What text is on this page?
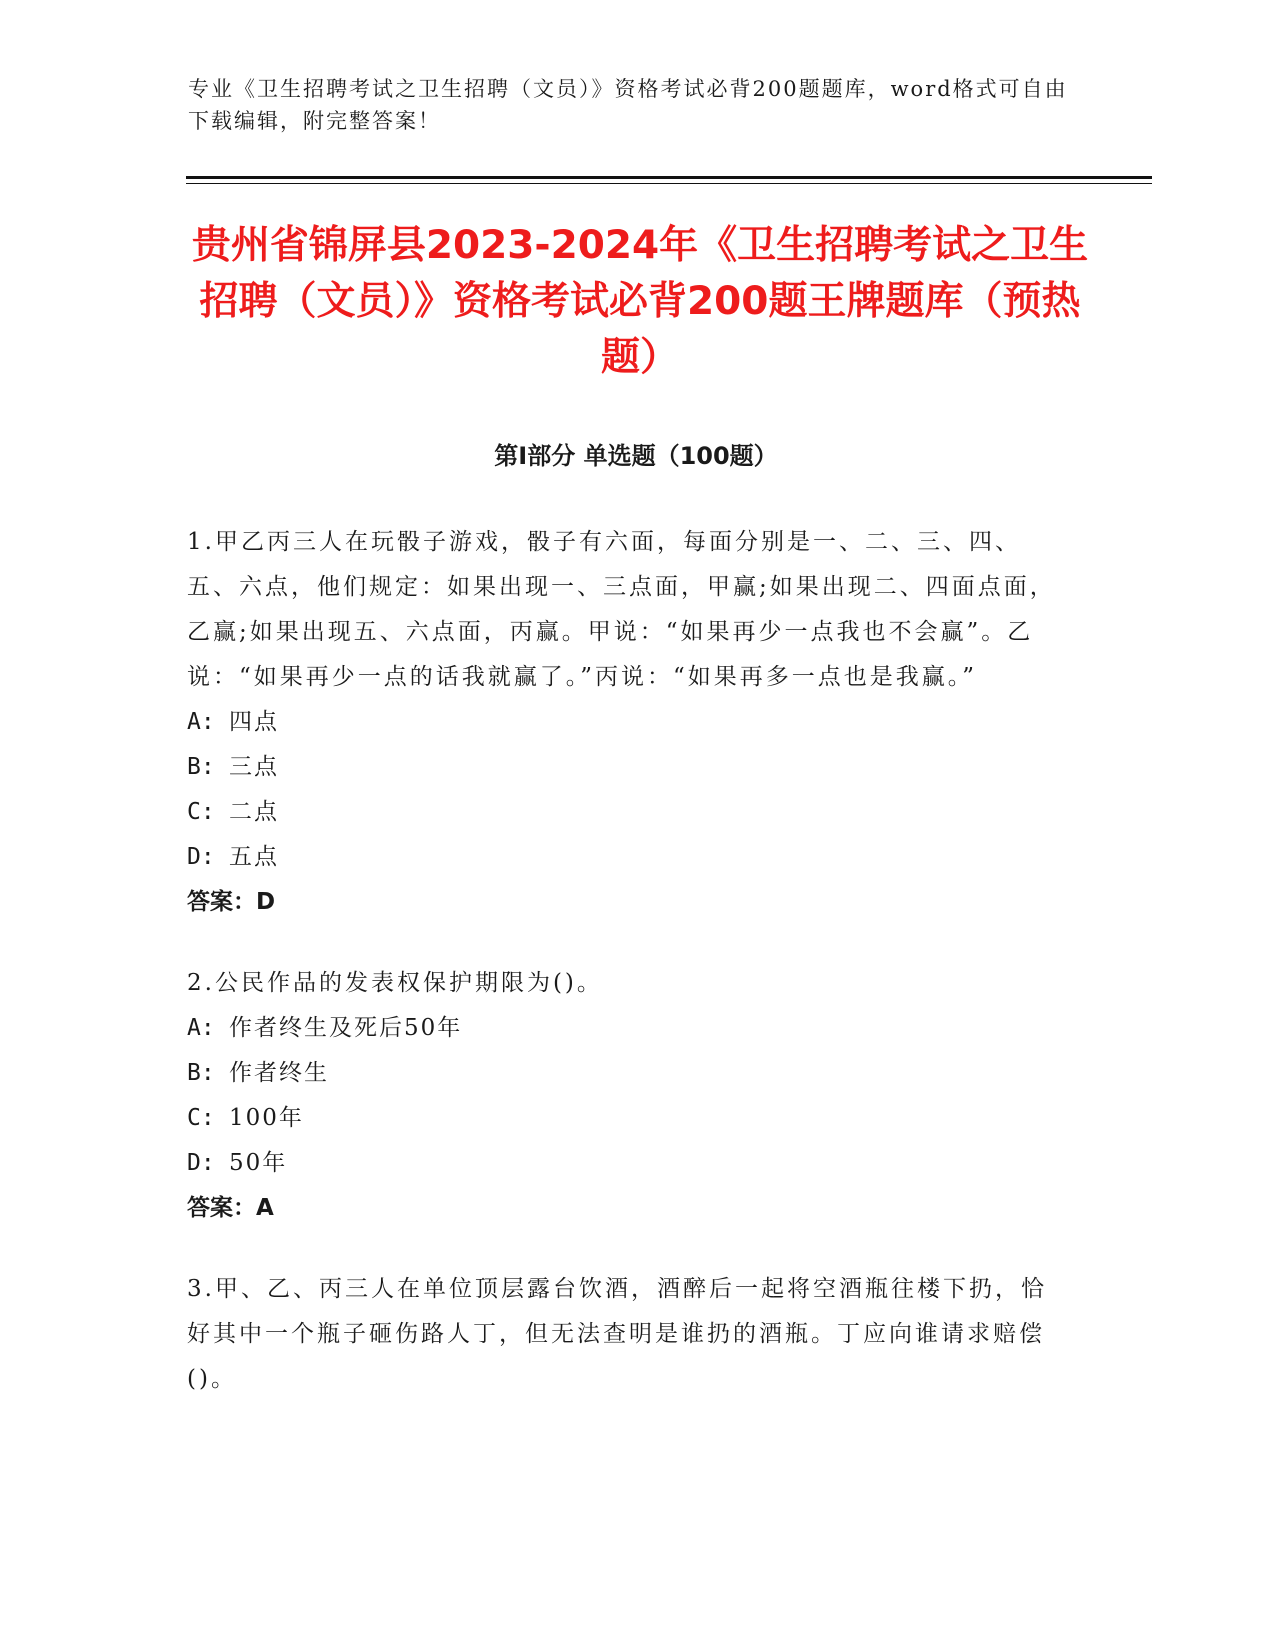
专业《卫生招聘考试之卫生招聘（文员）》资格考试必背200题题库，word格式可自由下载编辑，附完整答案！
贵州省锦屏县2023-2024年《卫生招聘考试之卫生招聘（文员）》资格考试必背200题王牌题库（预热题）
第Ⅰ部分 单选题（100题）
1.甲乙丙三人在玩骰子游戏，骰子有六面，每面分别是一、二、三、四、五、六点，他们规定：如果出现一、三点面，甲赢;如果出现二、四面点面，乙赢;如果出现五、六点面，丙赢。甲说：“如果再少一点我也不会赢”。乙说：“如果再少一点的话我就赢了。”丙说：“如果再多一点也是我赢。”
A: 四点
B: 三点
C: 二点
D: 五点
答案：D
2.公民作品的发表权保护期限为()。
A: 作者终生及死后50年
B: 作者终生
C: 100年
D: 50年
答案：A
3.甲、乙、丙三人在单位顶层露台饮酒，酒醉后一起将空酒瓶往楼下扔，恰好其中一个瓶子砸伤路人丁，但无法查明是谁扔的酒瓶。丁应向谁请求赔偿()。
